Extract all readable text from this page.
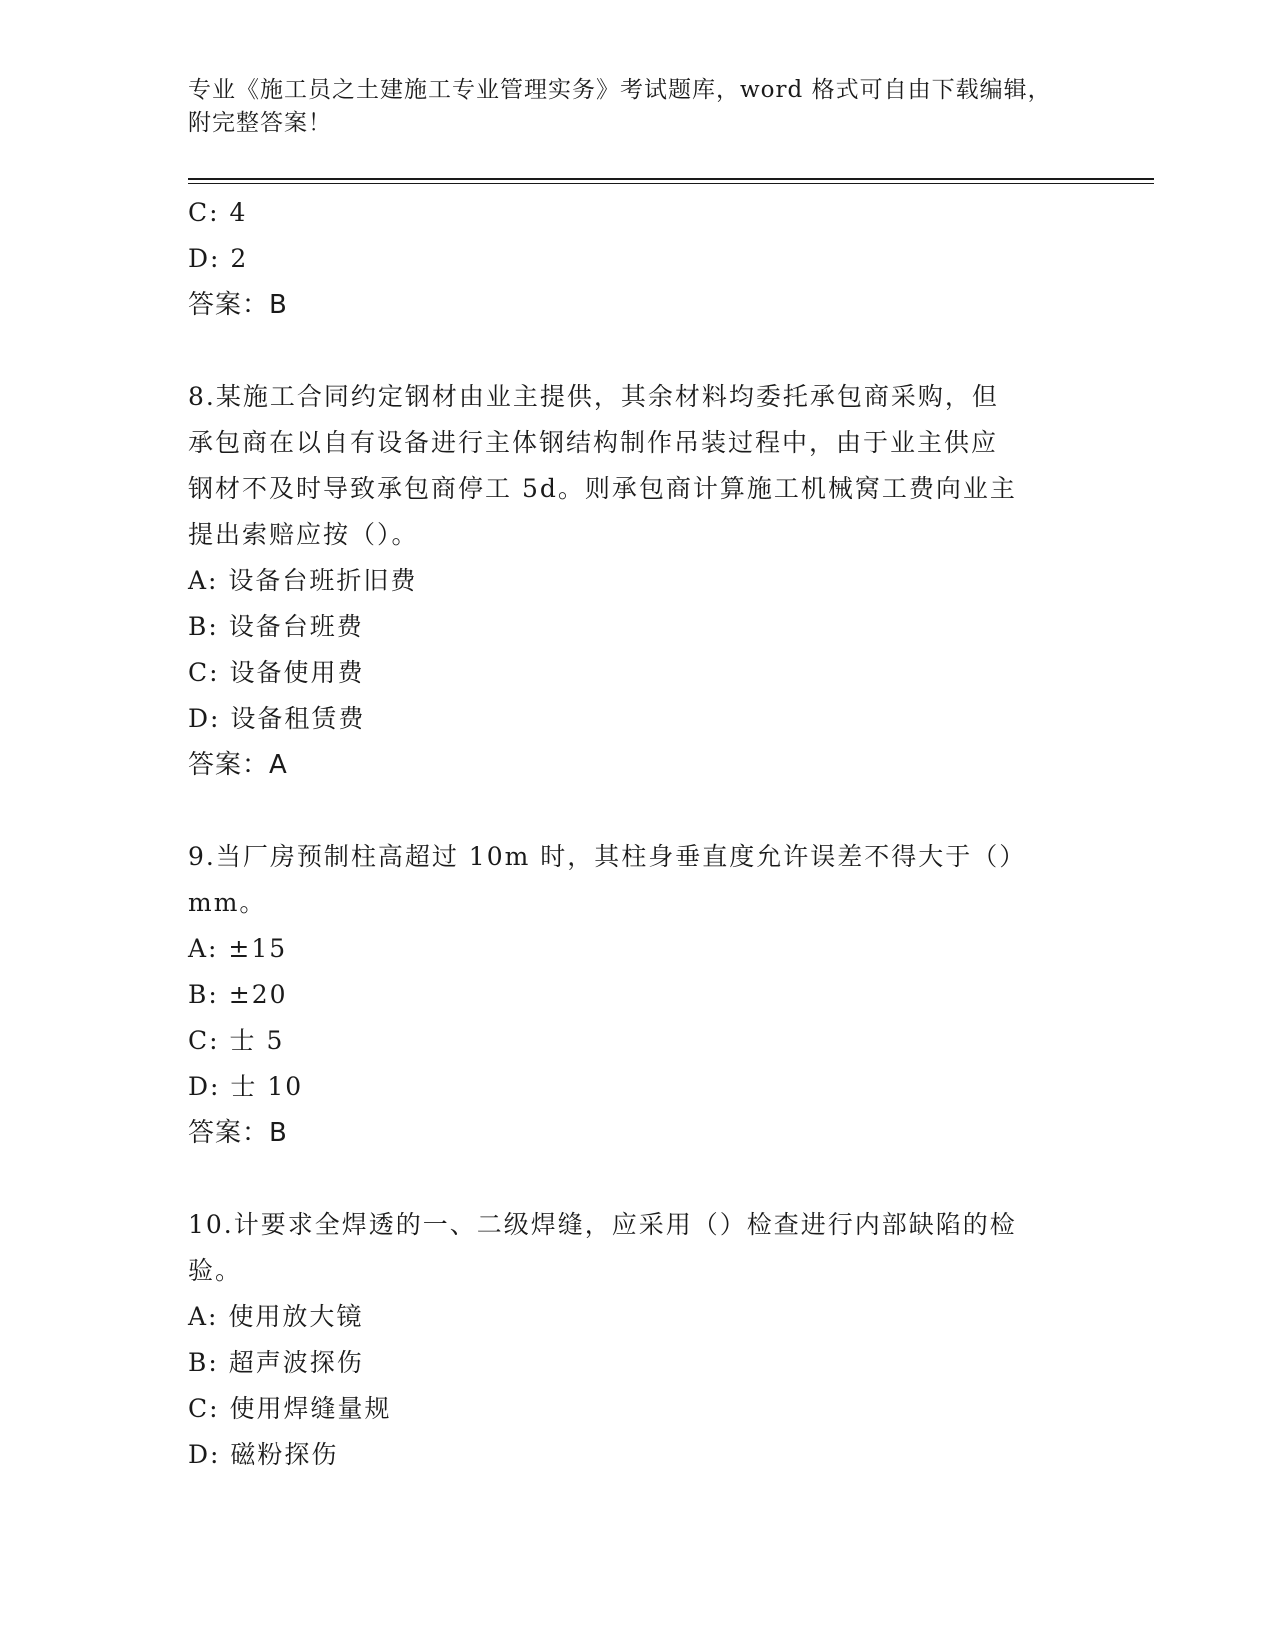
专业《施工员之土建施工专业管理实务》考试题库，word 格式可自由下载编辑，
附完整答案！
C: 4
D: 2
答案：B
8.某施工合同约定钢材由业主提供，其余材料均委托承包商采购，但
承包商在以自有设备进行主体钢结构制作吊装过程中，由于业主供应
钢材不及时导致承包商停工 5d。则承包商计算施工机械窝工费向业主
提出索赔应按（）。
A: 设备台班折旧费
B: 设备台班费
C: 设备使用费
D: 设备租赁费
答案：A
9.当厂房预制柱高超过 10m 时，其柱身垂直度允许误差不得大于（）
mm。
A: ±15
B: ±20
C: 士 5
D: 士 10
答案：B
10.计要求全焊透的一、二级焊缝，应采用（）检查进行内部缺陷的检
验。
A: 使用放大镜
B: 超声波探伤
C: 使用焊缝量规
D: 磁粉探伤
